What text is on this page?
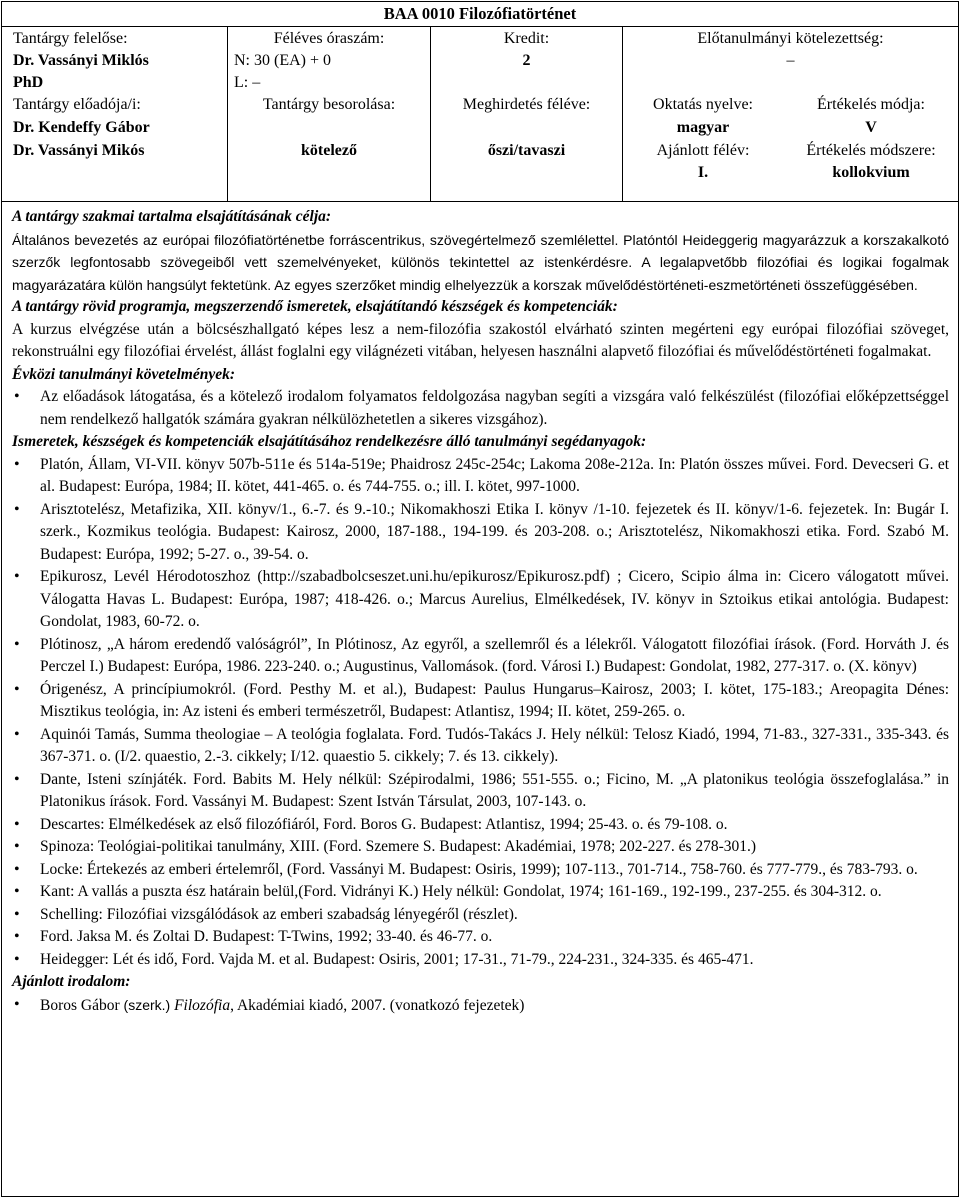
BAA 0010 Filozófiatörténet
Tantárgy felelőse:
Dr. Vassányi Miklós
PhD
Tantárgy előadója/i:
Dr. Kendeffy Gábor
Dr. Vassányi Mikós
Féléves óraszám:
N: 30 (EA) + 0
L: –
Tantárgy besorolása:
kötelező
Kredit:
2
Meghirdetés féléve:
őszi/tavaszi
Előtanulmányi kötelezettség:
–
Oktatás nyelve:
magyar
Ajánlott félév:
I.
Értékelés módja:
V
Értékelés módszere:
kollokvium

A tantárgy szakmai tartalma elsajátításának célja:

Általános bevezetés az európai filozófiatörténetbe forráscentrikus, szövegértelmező szemlélettel. Platóntól Heideggerig magyarázzuk a korszakalkotó szerzők legfontosabb szövegeiből vett szemelvényeket, különös tekintettel az istenkérdésre. A legalapvetőbb filozófiai és logikai fogalmak magyarázatára külön hangsúlyt fektetünk. Az egyes szerzőket mindig elhelyezzük a korszak művelődéstörténeti-eszmetörténeti összefüggésében.

A tantárgy rövid programja, megszerzendő ismeretek, elsajátítandó készségek és kompetenciák:

A kurzus elvégzése után a bölcsészhallgató képes lesz a nem-filozófia szakostól elvárható szinten megérteni egy európai filozófiai szöveget, rekonstruálni egy filozófiai érvelést, állást foglalni egy világnézeti vitában, helyesen használni alapvető filozófiai és művelődéstörténeti fogalmakat.

Évközi tanulmányi követelmények:

• Az előadások látogatása, és a kötelező irodalom folyamatos feldolgozása nagyban segíti a vizsgára való felkészülést (filozófiai előképzettséggel nem rendelkező hallgatók számára gyakran nélkülözhetetlen a sikeres vizsgához).

Ismeretek, készségek és kompetenciák elsajátításához rendelkezésre álló tanulmányi segédanyagok:

• Platón, Állam, VI-VII. könyv 507b-511e és 514a-519e; Phaidrosz 245c-254c; Lakoma 208e-212a. In: Platón összes művei. Ford. Devecseri G. et al. Budapest: Európa, 1984; II. kötet, 441-465. o. és 744-755. o.; ill. I. kötet, 997-1000.
• Arisztotelész, Metafizika, XII. könyv/1., 6.-7. és 9.-10.; Nikomakhoszi Etika I. könyv /1-10. fejezetek és II. könyv/1-6. fejezetek. In: Bugár I. szerk., Kozmikus teológia. Budapest: Kairosz, 2000, 187-188., 194-199. és 203-208. o.; Arisztotelész, Nikomakhoszi etika. Ford. Szabó M. Budapest: Európa, 1992; 5-27. o., 39-54. o.
• Epikurosz, Levél Hérodotoszhoz (http://szabadbolcseszet.uni.hu/epikurosz/Epikurosz.pdf) ; Cicero, Scipio álma in: Cicero válogatott művei. Válogatta Havas L. Budapest: Európa, 1987; 418-426. o.; Marcus Aurelius, Elmélkedések, IV. könyv in Sztoikus etikai antológia. Budapest: Gondolat, 1983, 60-72. o.
• Plótinosz, „A három eredendő valóságról”, In Plótinosz, Az egyről, a szellemről és a lélekről. Válogatott filozófiai írások. (Ford. Horváth J. és Perczel I.) Budapest: Európa, 1986. 223-240. o.; Augustinus, Vallomások. (ford. Városi I.) Budapest: Gondolat, 1982, 277-317. o. (X. könyv)
• Órigenész, A princípiumokról. (Ford. Pesthy M. et al.), Budapest: Paulus Hungarus–Kairosz, 2003; I. kötet, 175-183.; Areopagita Dénes: Misztikus teológia, in: Az isteni és emberi természetről, Budapest: Atlantisz, 1994; II. kötet, 259-265. o.
• Aquinói Tamás, Summa theologiae – A teológia foglalata. Ford. Tudós-Takács J. Hely nélkül: Telosz Kiadó, 1994, 71-83., 327-331., 335-343. és 367-371. o. (I/2. quaestio, 2.-3. cikkely; I/12. quaestio 5. cikkely; 7. és 13. cikkely).
• Dante, Isteni színjáték. Ford. Babits M. Hely nélkül: Szépirodalmi, 1986; 551-555. o.; Ficino, M. „A platonikus teológia összefoglalása.” in Platonikus írások. Ford. Vassányi M. Budapest: Szent István Társulat, 2003, 107-143. o.
• Descartes: Elmélkedések az első filozófiáról, Ford. Boros G. Budapest: Atlantisz, 1994; 25-43. o. és 79-108. o.
• Spinoza: Teológiai-politikai tanulmány, XIII. (Ford. Szemere S. Budapest: Akadémiai, 1978; 202-227. és 278-301.)
• Locke: Értekezés az emberi értelemről, (Ford. Vassányi M. Budapest: Osiris, 1999); 107-113., 701-714., 758-760. és 777-779., és 783-793. o.
• Kant: A vallás a puszta ész határain belül,(Ford. Vidrányi K.) Hely nélkül: Gondolat, 1974; 161-169., 192-199., 237-255. és 304-312. o.
• Schelling: Filozófiai vizsgálódások az emberi szabadság lényegéről (részlet).
• Ford. Jaksa M. és Zoltai D. Budapest: T-Twins, 1992; 33-40. és 46-77. o.
• Heidegger: Lét és idő, Ford. Vajda M. et al. Budapest: Osiris, 2001; 17-31., 71-79., 224-231., 324-335. és 465-471.

Ajánlott irodalom:

• Boros Gábor (szerk.) Filozófia, Akadémiai kiadó, 2007. (vonatkozó fejezetek)
